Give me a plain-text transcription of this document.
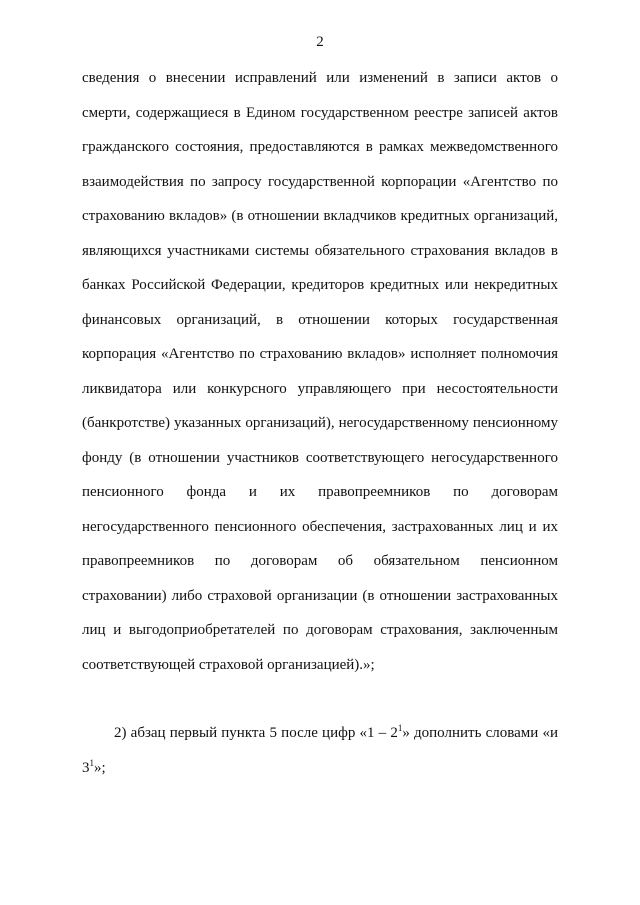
2

сведения о внесении исправлений или изменений в записи актов о смерти, содержащиеся в Едином государственном реестре записей актов гражданского состояния, предоставляются в рамках межведомственного взаимодействия по запросу государственной корпорации «Агентство по страхованию вкладов» (в отношении вкладчиков кредитных организаций, являющихся участниками системы обязательного страхования вкладов в банках Российской Федерации, кредиторов кредитных или некредитных финансовых организаций, в отношении которых государственная корпорация «Агентство по страхованию вкладов» исполняет полномочия ликвидатора или конкурсного управляющего при несостоятельности (банкротстве) указанных организаций), негосударственному пенсионному фонду (в отношении участников соответствующего негосударственного пенсионного фонда и их правопреемников по договорам негосударственного пенсионного обеспечения, застрахованных лиц и их правопреемников по договорам об обязательном пенсионном страховании) либо страховой организации (в отношении застрахованных лиц и выгодоприобретателей по договорам страхования, заключенным соответствующей страховой организацией).»;

2) абзац первый пункта 5 после цифр «$1 - 2^1$» дополнить словами «и $3^1$»;
